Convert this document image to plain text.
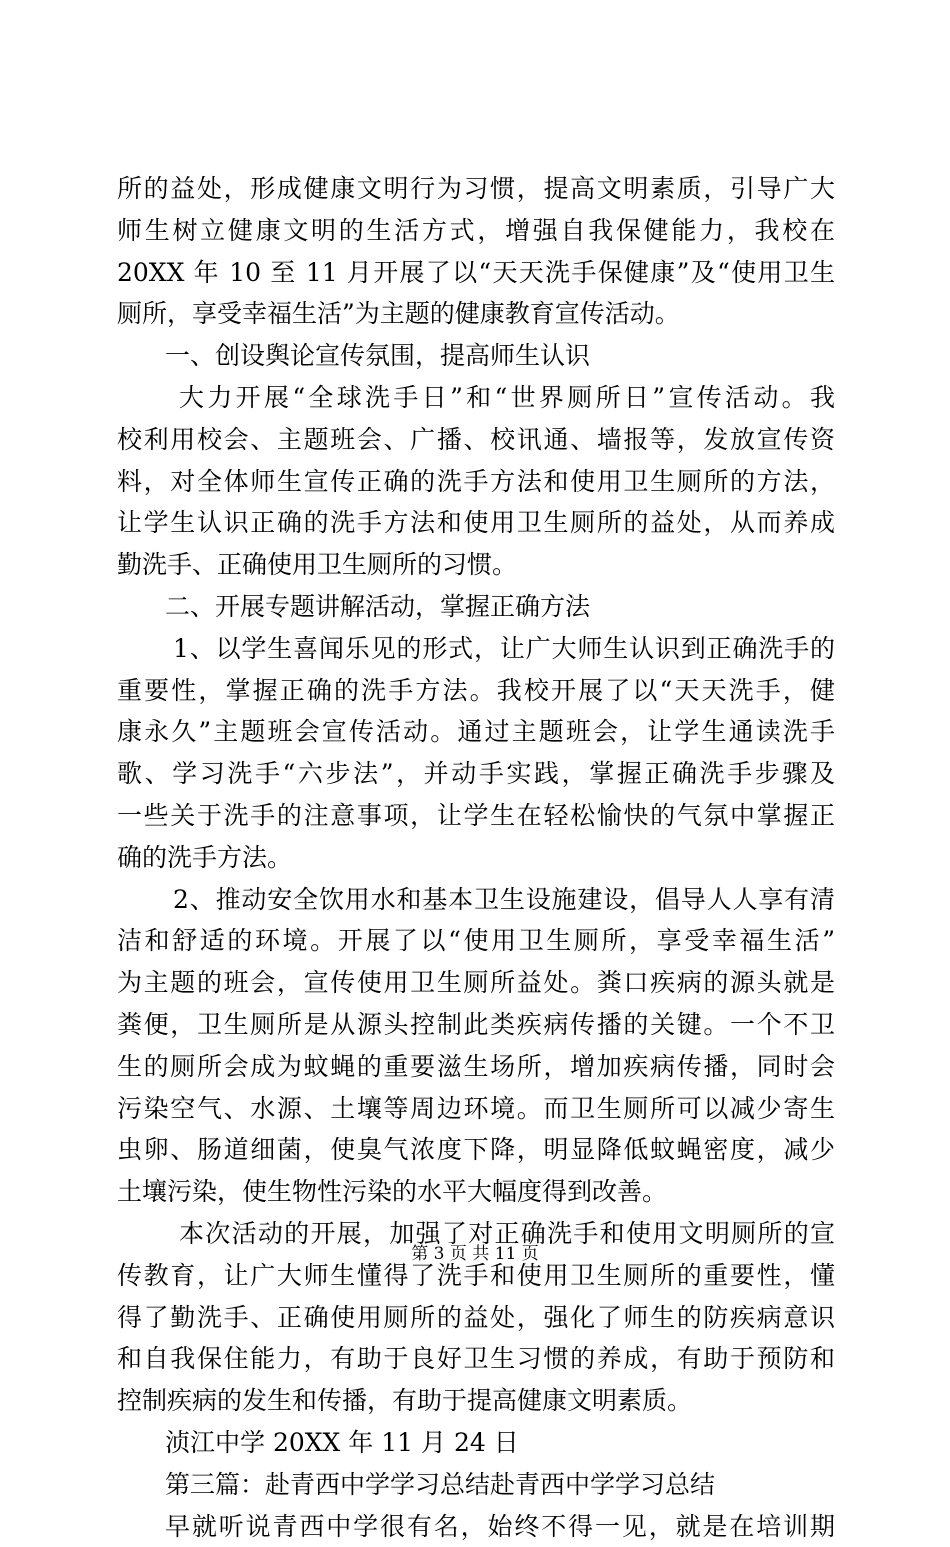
所的益处，形成健康文明行为习惯，提高文明素质，引导广大
师生树立健康文明的生活方式，增强自我保健能力，我校在
20XX 年 10 至 11 月开展了以“天天洗手保健康”及“使用卫生
厕所，享受幸福生活”为主题的健康教育宣传活动。
一、创设舆论宣传氛围，提高师生认识
大力开展“全球洗手日”和“世界厕所日”宣传活动。我
校利用校会、主题班会、广播、校讯通、墙报等，发放宣传资
料，对全体师生宣传正确的洗手方法和使用卫生厕所的方法，
让学生认识正确的洗手方法和使用卫生厕所的益处，从而养成
勤洗手、正确使用卫生厕所的习惯。
二、开展专题讲解活动，掌握正确方法
1、以学生喜闻乐见的形式，让广大师生认识到正确洗手的
重要性，掌握正确的洗手方法。我校开展了以“天天洗手，健
康永久”主题班会宣传活动。通过主题班会，让学生通读洗手
歌、学习洗手“六步法”，并动手实践，掌握正确洗手步骤及
一些关于洗手的注意事项，让学生在轻松愉快的气氛中掌握正
确的洗手方法。
2、推动安全饮用水和基本卫生设施建设，倡导人人享有清
洁和舒适的环境。开展了以“使用卫生厕所，享受幸福生活”
为主题的班会，宣传使用卫生厕所益处。粪口疾病的源头就是
粪便，卫生厕所是从源头控制此类疾病传播的关键。一个不卫
生的厕所会成为蚊蝇的重要滋生场所，增加疾病传播，同时会
污染空气、水源、土壤等周边环境。而卫生厕所可以减少寄生
虫卵、肠道细菌，使臭气浓度下降，明显降低蚊蝇密度，减少
土壤污染，使生物性污染的水平大幅度得到改善。
本次活动的开展，加强了对正确洗手和使用文明厕所的宣
传教育，让广大师生懂得了洗手和使用卫生厕所的重要性，懂
得了勤洗手、正确使用厕所的益处，强化了师生的防疾病意识
和自我保住能力，有助于良好卫生习惯的养成，有助于预防和
控制疾病的发生和传播，有助于提高健康文明素质。
浈江中学 20XX 年 11 月 24 日
第三篇：赴青西中学学习总结赴青西中学学习总结
早就听说青西中学很有名，始终不得一见，就是在培训期
第 3 页 共 11 页
